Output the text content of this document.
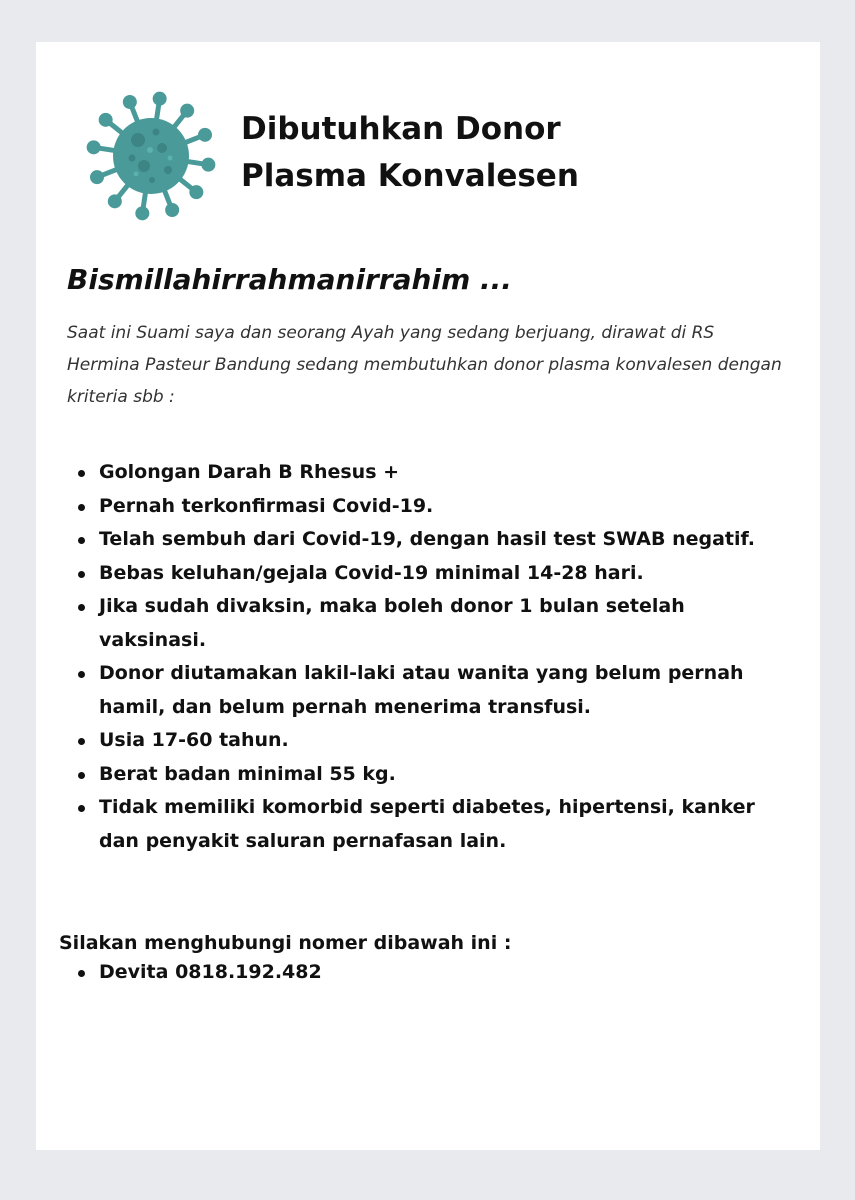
Dibutuhkan Donor
Plasma Konvalesen
Bismillahirrahmanirrahim ...

Saat ini Suami saya dan seorang Ayah yang sedang berjuang, dirawat di RS Hermina Pasteur Bandung sedang membutuhkan donor plasma konvalesen dengan kriteria sbb :

Golongan Darah B Rhesus +
Pernah terkonfirmasi Covid-19.
Telah sembuh dari Covid-19, dengan hasil test SWAB negatif.
Bebas keluhan/gejala Covid-19 minimal 14-28 hari.
Jika sudah divaksin, maka boleh donor 1 bulan setelah vaksinasi.
Donor diutamakan lakil-laki atau wanita yang belum pernah hamil, dan belum pernah menerima transfusi.
Usia 17-60 tahun.
Berat badan minimal 55 kg.
Tidak memiliki komorbid seperti diabetes, hipertensi, kanker dan penyakit saluran pernafasan lain.
Silakan menghubungi nomer dibawah ini :
Devita 0818.192.482
